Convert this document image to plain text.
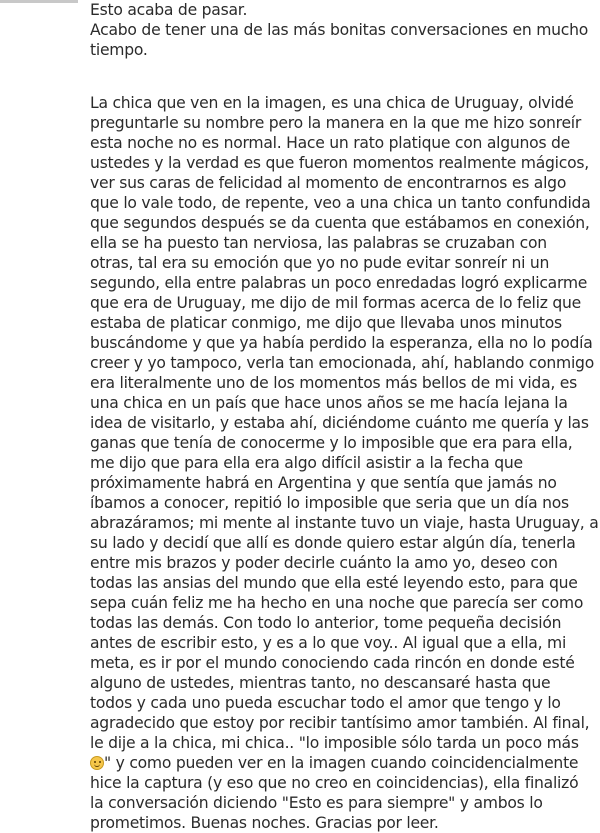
Esto acaba de pasar.
Acabo de tener una de las más bonitas conversaciones en mucho
tiempo.
La chica que ven en la imagen, es una chica de Uruguay, olvidé
preguntarle su nombre pero la manera en la que me hizo sonreír
esta noche no es normal. Hace un rato platique con algunos de
ustedes y la verdad es que fueron momentos realmente mágicos,
ver sus caras de felicidad al momento de encontrarnos es algo
que lo vale todo, de repente, veo a una chica un tanto confundida
que segundos después se da cuenta que estábamos en conexión,
ella se ha puesto tan nerviosa, las palabras se cruzaban con
otras, tal era su emoción que yo no pude evitar sonreír ni un
segundo, ella entre palabras un poco enredadas logró explicarme
que era de Uruguay, me dijo de mil formas acerca de lo feliz que
estaba de platicar conmigo, me dijo que llevaba unos minutos
buscándome y que ya había perdido la esperanza, ella no lo podía
creer y yo tampoco, verla tan emocionada, ahí, hablando conmigo
era literalmente uno de los momentos más bellos de mi vida, es
una chica en un país que hace unos años se me hacía lejana la
idea de visitarlo, y estaba ahí, diciéndome cuánto me quería y las
ganas que tenía de conocerme y lo imposible que era para ella,
me dijo que para ella era algo difícil asistir a la fecha que
próximamente habrá en Argentina y que sentía que jamás no
íbamos a conocer, repitió lo imposible que seria que un día nos
abrazáramos; mi mente al instante tuvo un viaje, hasta Uruguay, a
su lado y decidí que allí es donde quiero estar algún día, tenerla
entre mis brazos y poder decirle cuánto la amo yo, deseo con
todas las ansias del mundo que ella esté leyendo esto, para que
sepa cuán feliz me ha hecho en una noche que parecía ser como
todas las demás. Con todo lo anterior, tome pequeña decisión
antes de escribir esto, y es a lo que voy.. Al igual que a ella, mi
meta, es ir por el mundo conociendo cada rincón en donde esté
alguno de ustedes, mientras tanto, no descansaré hasta que
todos y cada uno pueda escuchar todo el amor que tengo y lo
agradecido que estoy por recibir tantísimo amor también. Al final,
le dije a la chica, mi chica.. "lo imposible sólo tarda un poco más
" y como pueden ver en la imagen cuando coincidencialmente
hice la captura (y eso que no creo en coincidencias), ella finalizó
la conversación diciendo "Esto es para siempre" y ambos lo
prometimos. Buenas noches. Gracias por leer.
